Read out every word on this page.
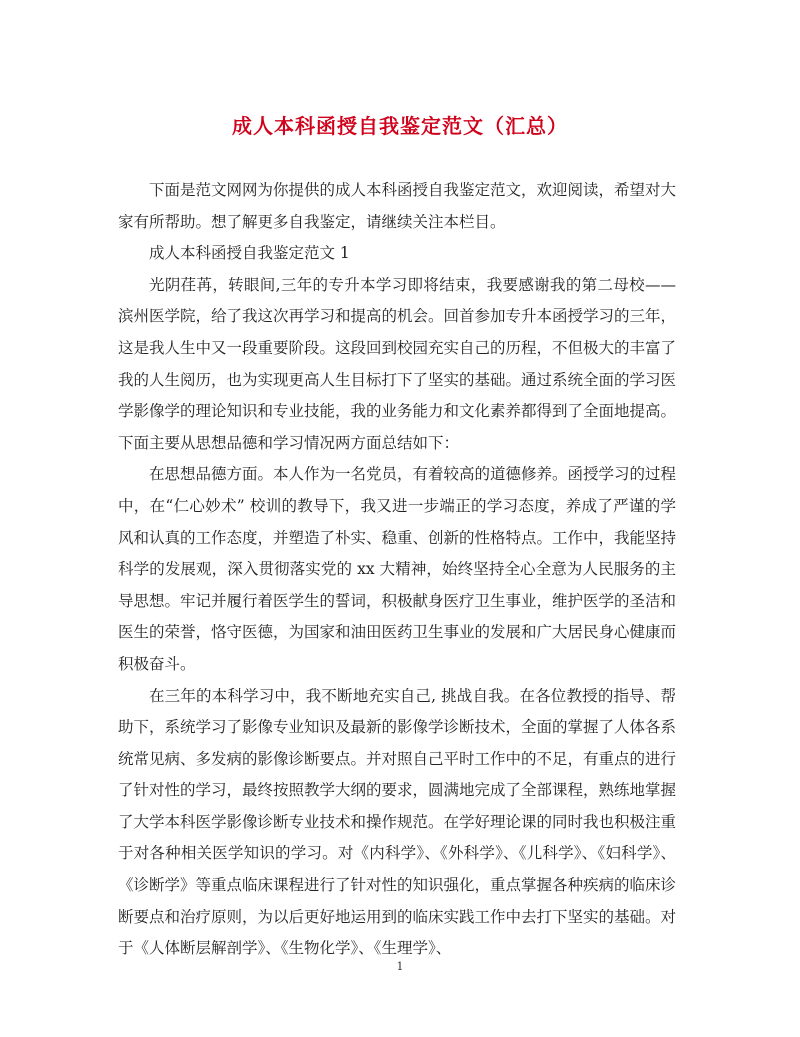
成人本科函授自我鉴定范文（汇总）

下面是范文网网为你提供的成人本科函授自我鉴定范文，欢迎阅读，希望对大家有所帮助。想了解更多自我鉴定，请继续关注本栏目。

成人本科函授自我鉴定范文 1

光阴荏苒，转眼间,三年的专升本学习即将结束，我要感谢我的第二母校——滨州医学院，给了我这次再学习和提高的机会。回首参加专升本函授学习的三年，这是我人生中又一段重要阶段。这段回到校园充实自己的历程，不但极大的丰富了我的人生阅历，也为实现更高人生目标打下了坚实的基础。通过系统全面的学习医学影像学的理论知识和专业技能，我的业务能力和文化素养都得到了全面地提高。下面主要从思想品德和学习情况两方面总结如下：

在思想品德方面。本人作为一名党员，有着较高的道德修养。函授学习的过程中，在“仁心妙术” 校训的教导下，我又进一步端正的学习态度，养成了严谨的学风和认真的工作态度，并塑造了朴实、稳重、创新的性格特点。工作中，我能坚持科学的发展观，深入贯彻落实党的 xx 大精神，始终坚持全心全意为人民服务的主导思想。牢记并履行着医学生的誓词，积极献身医疗卫生事业，维护医学的圣洁和医生的荣誉，恪守医德，为国家和油田医药卫生事业的发展和广大居民身心健康而积极奋斗。

在三年的本科学习中，我不断地充实自己, 挑战自我。在各位教授的指导、帮助下，系统学习了影像专业知识及最新的影像学诊断技术，全面的掌握了人体各系统常见病、多发病的影像诊断要点。并对照自己平时工作中的不足，有重点的进行了针对性的学习，最终按照教学大纲的要求，圆满地完成了全部课程，熟练地掌握了大学本科医学影像诊断专业技术和操作规范。在学好理论课的同时我也积极注重于对各种相关医学知识的学习。对《内科学》、《外科学》、《儿科学》、《妇科学》、《诊断学》等重点临床课程进行了针对性的知识强化，重点掌握各种疾病的临床诊断要点和治疗原则，为以后更好地运用到的临床实践工作中去打下坚实的基础。对于《人体断层解剖学》、《生物化学》、《生理学》、

1
